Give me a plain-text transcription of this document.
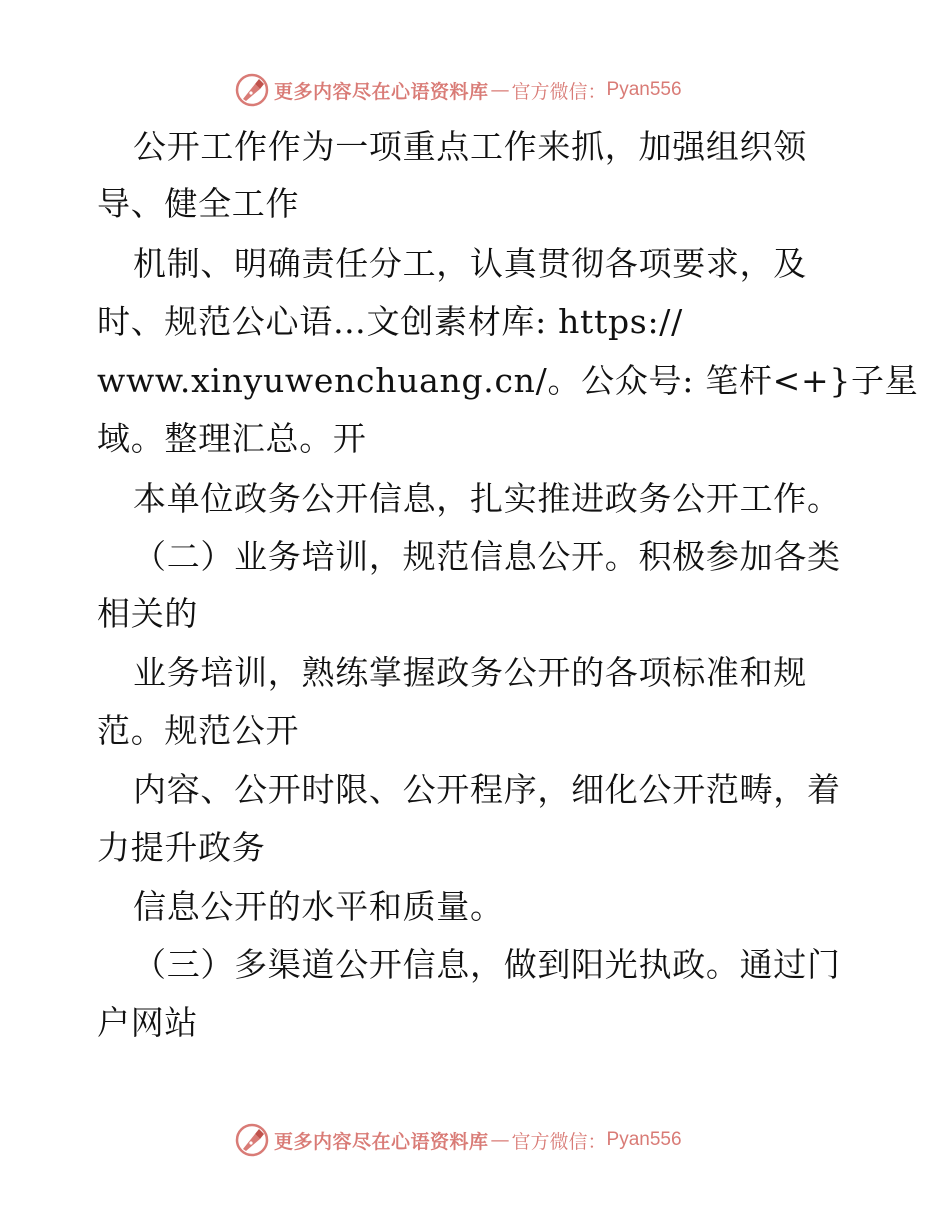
更多内容尽在心语资料库 — 官方微信： Pyan556

公开工作作为一项重点工作来抓，加强组织领

导、健全工作

机制、明确责任分工，认真贯彻各项要求，及

时、规范公心语…文创素材库: https://

www.xinyuwenchuang.cn/。公众号: 笔杆<+}子星

域。整理汇总。开

本单位政务公开信息，扎实推进政务公开工作。

（二）业务培训，规范信息公开。积极参加各类

相关的

业务培训，熟练掌握政务公开的各项标准和规

范。规范公开

内容、公开时限、公开程序，细化公开范畴，着

力提升政务

信息公开的水平和质量。

（三）多渠道公开信息，做到阳光执政。通过门

户网站

更多内容尽在心语资料库 — 官方微信： Pyan556
